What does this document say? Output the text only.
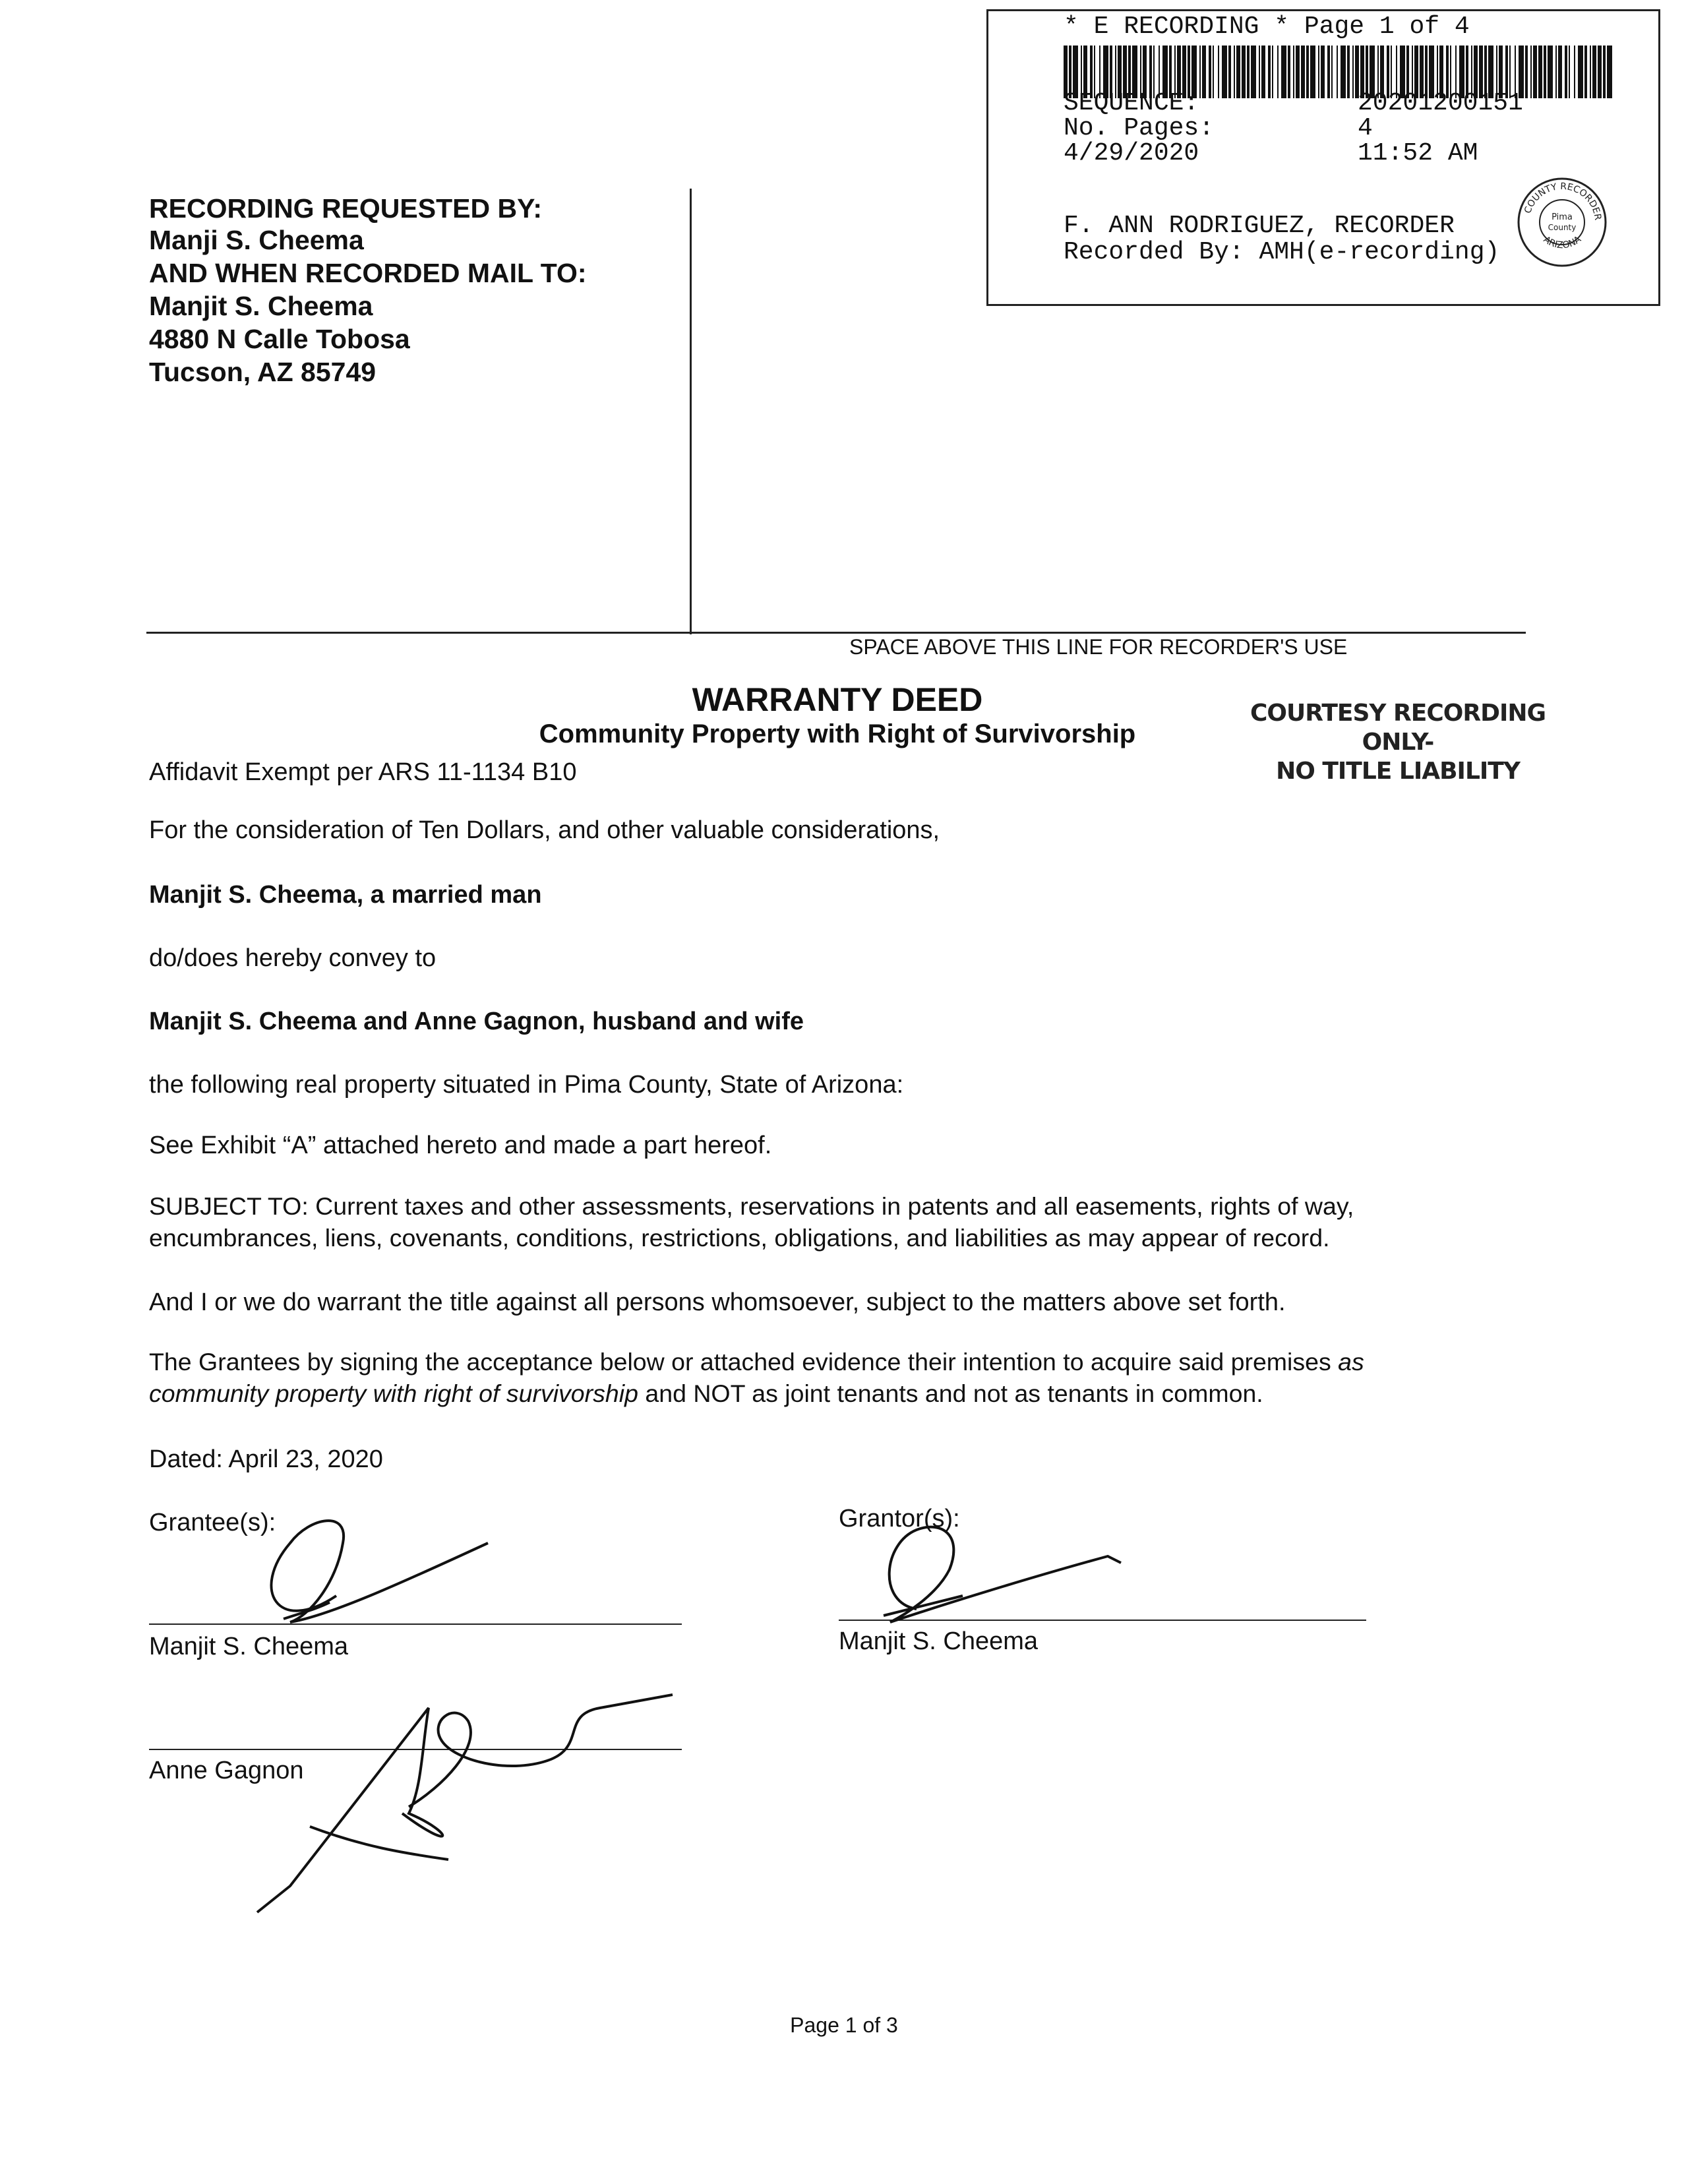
* E RECORDING * Page 1 of 4
SEQUENCE:	20201200151
No. Pages:	4
4/29/2020	11:52 AM
F. ANN RODRIGUEZ, RECORDER
Recorded By: AMH(e-recording)
COUNTY RECORDER
ARIZONA
Pima
County
RECORDING REQUESTED BY:
Manji S. Cheema
AND WHEN RECORDED MAIL TO:
Manjit S. Cheema
4880 N Calle Tobosa
Tucson, AZ 85749
SPACE ABOVE THIS LINE FOR RECORDER'S USE
WARRANTY DEED
Community Property with Right of Survivorship
COURTESY RECORDING ONLY-
NO TITLE LIABILITY
Affidavit Exempt per ARS 11-1134 B10
For the consideration of Ten Dollars, and other valuable considerations,
Manjit S. Cheema, a married man
do/does hereby convey to
Manjit S. Cheema and Anne Gagnon, husband and wife
the following real property situated in Pima County, State of Arizona:
See Exhibit “A” attached hereto and made a part hereof.
SUBJECT TO: Current taxes and other assessments, reservations in patents and all easements, rights of way,
encumbrances, liens, covenants, conditions, restrictions, obligations, and liabilities as may appear of record.
And I or we do warrant the title against all persons whomsoever, subject to the matters above set forth.
The Grantees by signing the acceptance below or attached evidence their intention to acquire said premises as
community property with right of survivorship and NOT as joint tenants and not as tenants in common.
Dated: April 23, 2020
Grantee(s):	Grantor(s):
Manjit S. Cheema	Manjit S. Cheema
Anne Gagnon
Page 1 of 3
